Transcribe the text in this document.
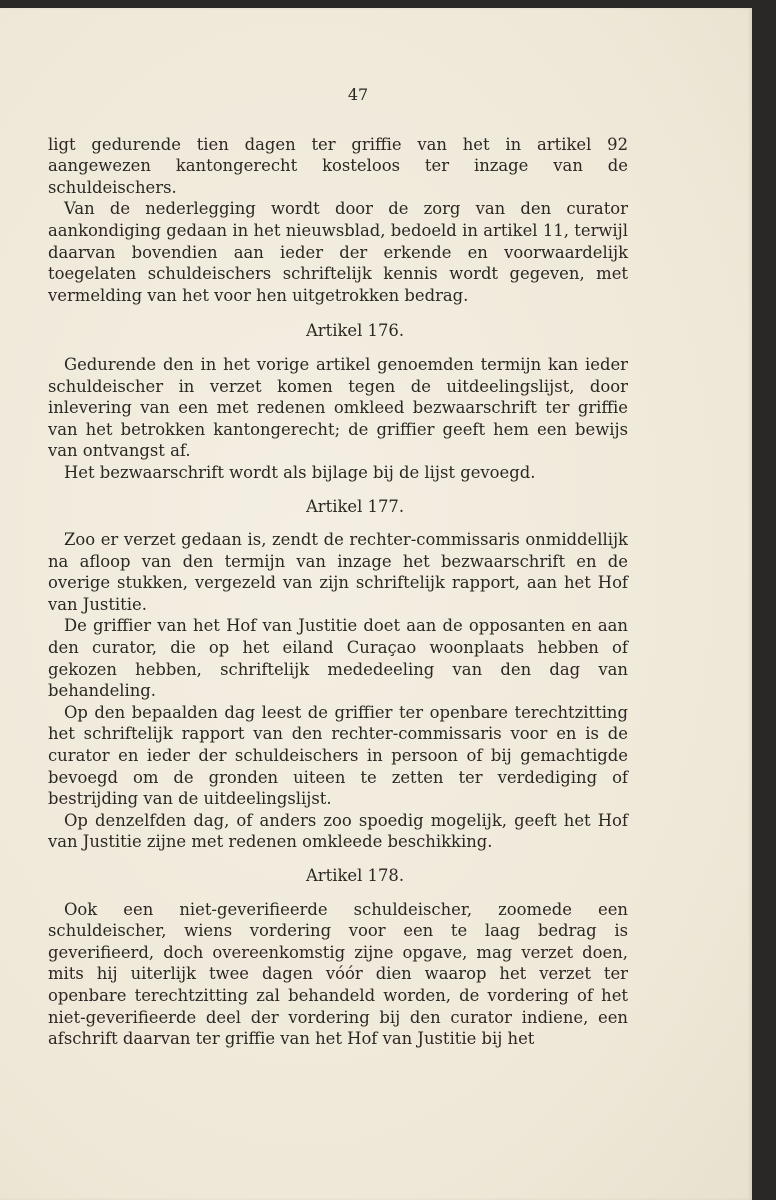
47

ligt gedurende tien dagen ter griffie van het in artikel 92 aangewezen kantongerecht kosteloos ter inzage van de schuldeischers.

Van de nederlegging wordt door de zorg van den curator aankondiging gedaan in het nieuwsblad, bedoeld in artikel 11, terwijl daarvan bovendien aan ieder der erkende en voorwaardelijk toegelaten schuldeischers schriftelijk kennis wordt gegeven, met vermelding van het voor hen uitgetrokken bedrag.

Artikel 176.

Gedurende den in het vorige artikel genoemden termijn kan ieder schuldeischer in verzet komen tegen de uitdeelingslijst, door inlevering van een met redenen omkleed bezwaarschrift ter griffie van het betrokken kantongerecht; de griffier geeft hem een bewijs van ontvangst af.

Het bezwaarschrift wordt als bijlage bij de lijst gevoegd.

Artikel 177.

Zoo er verzet gedaan is, zendt de rechter-commissaris onmiddellijk na afloop van den termijn van inzage het bezwaarschrift en de overige stukken, vergezeld van zijn schriftelijk rapport, aan het Hof van Justitie.

De griffier van het Hof van Justitie doet aan de opposanten en aan den curator, die op het eiland Curaçao woonplaats hebben of gekozen hebben, schriftelijk mededeeling van den dag van behandeling.

Op den bepaalden dag leest de griffier ter openbare terechtzitting het schriftelijk rapport van den rechter-commissaris voor en is de curator en ieder der schuldeischers in persoon of bij gemachtigde bevoegd om de gronden uiteen te zetten ter verdediging of bestrijding van de uitdeelingslijst.

Op denzelfden dag, of anders zoo spoedig mogelijk, geeft het Hof van Justitie zijne met redenen omkleede beschikking.

Artikel 178.

Ook een niet-geverifieerde schuldeischer, zoomede een schuldeischer, wiens vordering voor een te laag bedrag is geverifieerd, doch overeenkomstig zijne opgave, mag verzet doen, mits hij uiterlijk twee dagen vóór dien waarop het verzet ter openbare terechtzitting zal behandeld worden, de vordering of het niet-geverifieerde deel der vordering bij den curator indiene, een afschrift daarvan ter griffie van het Hof van Justitie bij het
